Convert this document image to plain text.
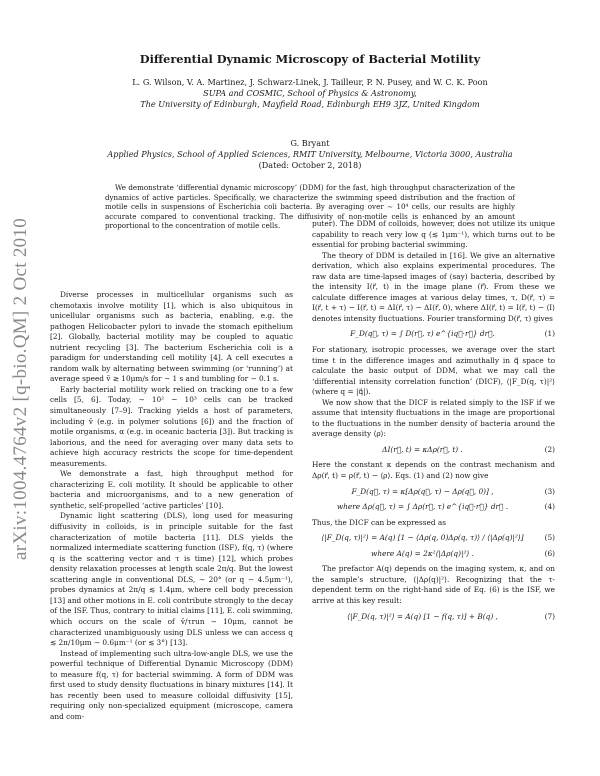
arXiv:1004.4764v2 [q-bio.QM] 2 Oct 2010
Differential Dynamic Microscopy of Bacterial Motility
L. G. Wilson, V. A. Martinez, J. Schwarz-Linek, J. Tailleur, P. N. Pusey, and W. C. K. Poon
SUPA and COSMIC, School of Physics & Astronomy,
The University of Edinburgh, Mayfield Road, Edinburgh EH9 3JZ, United Kingdom
G. Bryant
Applied Physics, School of Applied Sciences, RMIT University, Melbourne, Victoria 3000, Australia
(Dated: October 2, 2018)

We demonstrate ‘differential dynamic microscopy’ (DDM) for the fast, high throughput characterization of the dynamics of active particles. Specifically, we characterize the swimming speed distribution and the fraction of motile cells in suspensions of Escherichia coli bacteria. By averaging over ∼ 10⁴ cells, our results are highly accurate compared to conventional tracking. The diffusivity of non-motile cells is enhanced by an amount proportional to the concentration of motile cells.

Diverse processes in multicellular organisms such as chemotaxis involve motility [1], which is also ubiquitous in unicellular organisms such as bacteria, enabling, e.g. the pathogen Helicobacter pylori to invade the stomach epithelium [2]. Globally, bacterial motility may be coupled to aquatic nutrient recycling [3]. The bacterium Escherichia coli is a paradigm for understanding cell motility [4]. A cell executes a random walk by alternating between swimming (or ‘running’) at average speed v̄ ≳ 10μm/s for ∼ 1 s and tumbling for ∼ 0.1 s.

Early bacterial motility work relied on tracking one to a few cells [5, 6]. Today, ∼ 10² − 10³ cells can be tracked simultaneously [7–9]. Tracking yields a host of parameters, including v̄ (e.g. in polymer solutions [6]) and the fraction of motile organisms, α (e.g. in oceanic bacteria [3]). But tracking is laborious, and the need for averaging over many data sets to achieve high accuracy restricts the scope for time-dependent measurements.

We demonstrate a fast, high throughput method for characterizing E. coli motility. It should be applicable to other bacteria and microorganisms, and to a new generation of synthetic, self-propelled ‘active particles’ [10].

Dynamic light scattering (DLS), long used for measuring diffusivity in colloids, is in principle suitable for the fast characterization of motile bacteria [11]. DLS yields the normalized intermediate scattering function (ISF), f(q, τ) (where q is the scattering vector and τ is time) [12], which probes density relaxation processes at length scale 2π/q. But the lowest scattering angle in conventional DLS, ∼ 20° (or q ∼ 4.5μm⁻¹), probes dynamics at 2π/q ≲ 1.4μm, where cell body precession [13] and other motions in E. coli contribute strongly to the decay of the ISF. Thus, contrary to initial claims [11], E. coli swimming, which occurs on the scale of v̄/τrun ∼ 10μm, cannot be characterized unambiguously using DLS unless we can access q ≲ 2π/10μm ∼ 0.6μm⁻¹ (or ≲ 3°) [13].

Instead of implementing such ultra-low-angle DLS, we use the powerful technique of Differential Dynamic Microscopy (DDM) to measure f(q, τ) for bacterial swimming. A form of DDM was first used to study density fluctuations in binary mixtures [14]. It has recently been used to measure colloidal diffusivity [15], requiring only non-specialized equipment (microscope, camera and com-

puter). The DDM of colloids, however, does not utilize its unique capability to reach very low q (≲ 1μm⁻¹), which turns out to be essential for probing bacterial swimming.

The theory of DDM is detailed in [16]. We give an alternative derivation, which also explains experimental procedures. The raw data are time-lapsed images of (say) bacteria, described by the intensity I(r⃗, t) in the image plane (r⃗). From these we calculate difference images at various delay times, τ, D(r⃗, τ) = I(r⃗, t + τ) − I(r⃗, t) = ΔI(r⃗, τ) − ΔI(r⃗, 0), where ΔI(r⃗, t) = I(r⃗, t) − ⟨I⟩ denotes intensity fluctuations. Fourier transforming D(r⃗, τ) gives

F_D(q⃗, τ) = ∫ D(r⃗, τ) e^{iq⃗·r⃗} dr⃗.	(1)

For stationary, isotropic processes, we average over the start time t in the difference images and azimuthally in q⃗ space to calculate the basic output of DDM, what we may call the ‘differential intensity correlation function’ (DICF), ⟨|F_D(q, τ)|²⟩ (where q = |q⃗|).

We now show that the DICF is related simply to the ISF if we assume that intensity fluctuations in the image are proportional to the fluctuations in the number density of bacteria around the average density ⟨ρ⟩:

ΔI(r⃗, t) = κΔρ(r⃗, t) .	(2)

Here the constant κ depends on the contrast mechanism and Δρ(r⃗, t) = ρ(r⃗, t) − ⟨ρ⟩. Eqs. (1) and (2) now give

F_D(q⃗, τ) = κ[Δρ(q⃗, τ) − Δρ(q⃗, 0)] ,	(3)
where Δρ(q⃗, τ) = ∫ Δρ(r⃗, τ) e^{iq⃗·r⃗} dr⃗ .	(4)

Thus, the DICF can be expressed as

⟨|F_D(q, τ)|²⟩ = A(q) [1 − ⟨Δρ(q, 0)Δρ(q, τ)⟩ / ⟨|Δρ(q)|²⟩]	(5)
where A(q) = 2κ²⟨|Δρ(q)|²⟩ .	(6)

The prefactor A(q) depends on the imaging system, κ, and on the sample’s structure, ⟨|Δρ(q)|²⟩. Recognizing that the τ-dependent term on the right-hand side of Eq. (6) is the ISF, we arrive at this key result:

⟨|F_D(q, τ)|²⟩ = A(q) [1 − f(q, τ)] + B(q) ,	(7)
